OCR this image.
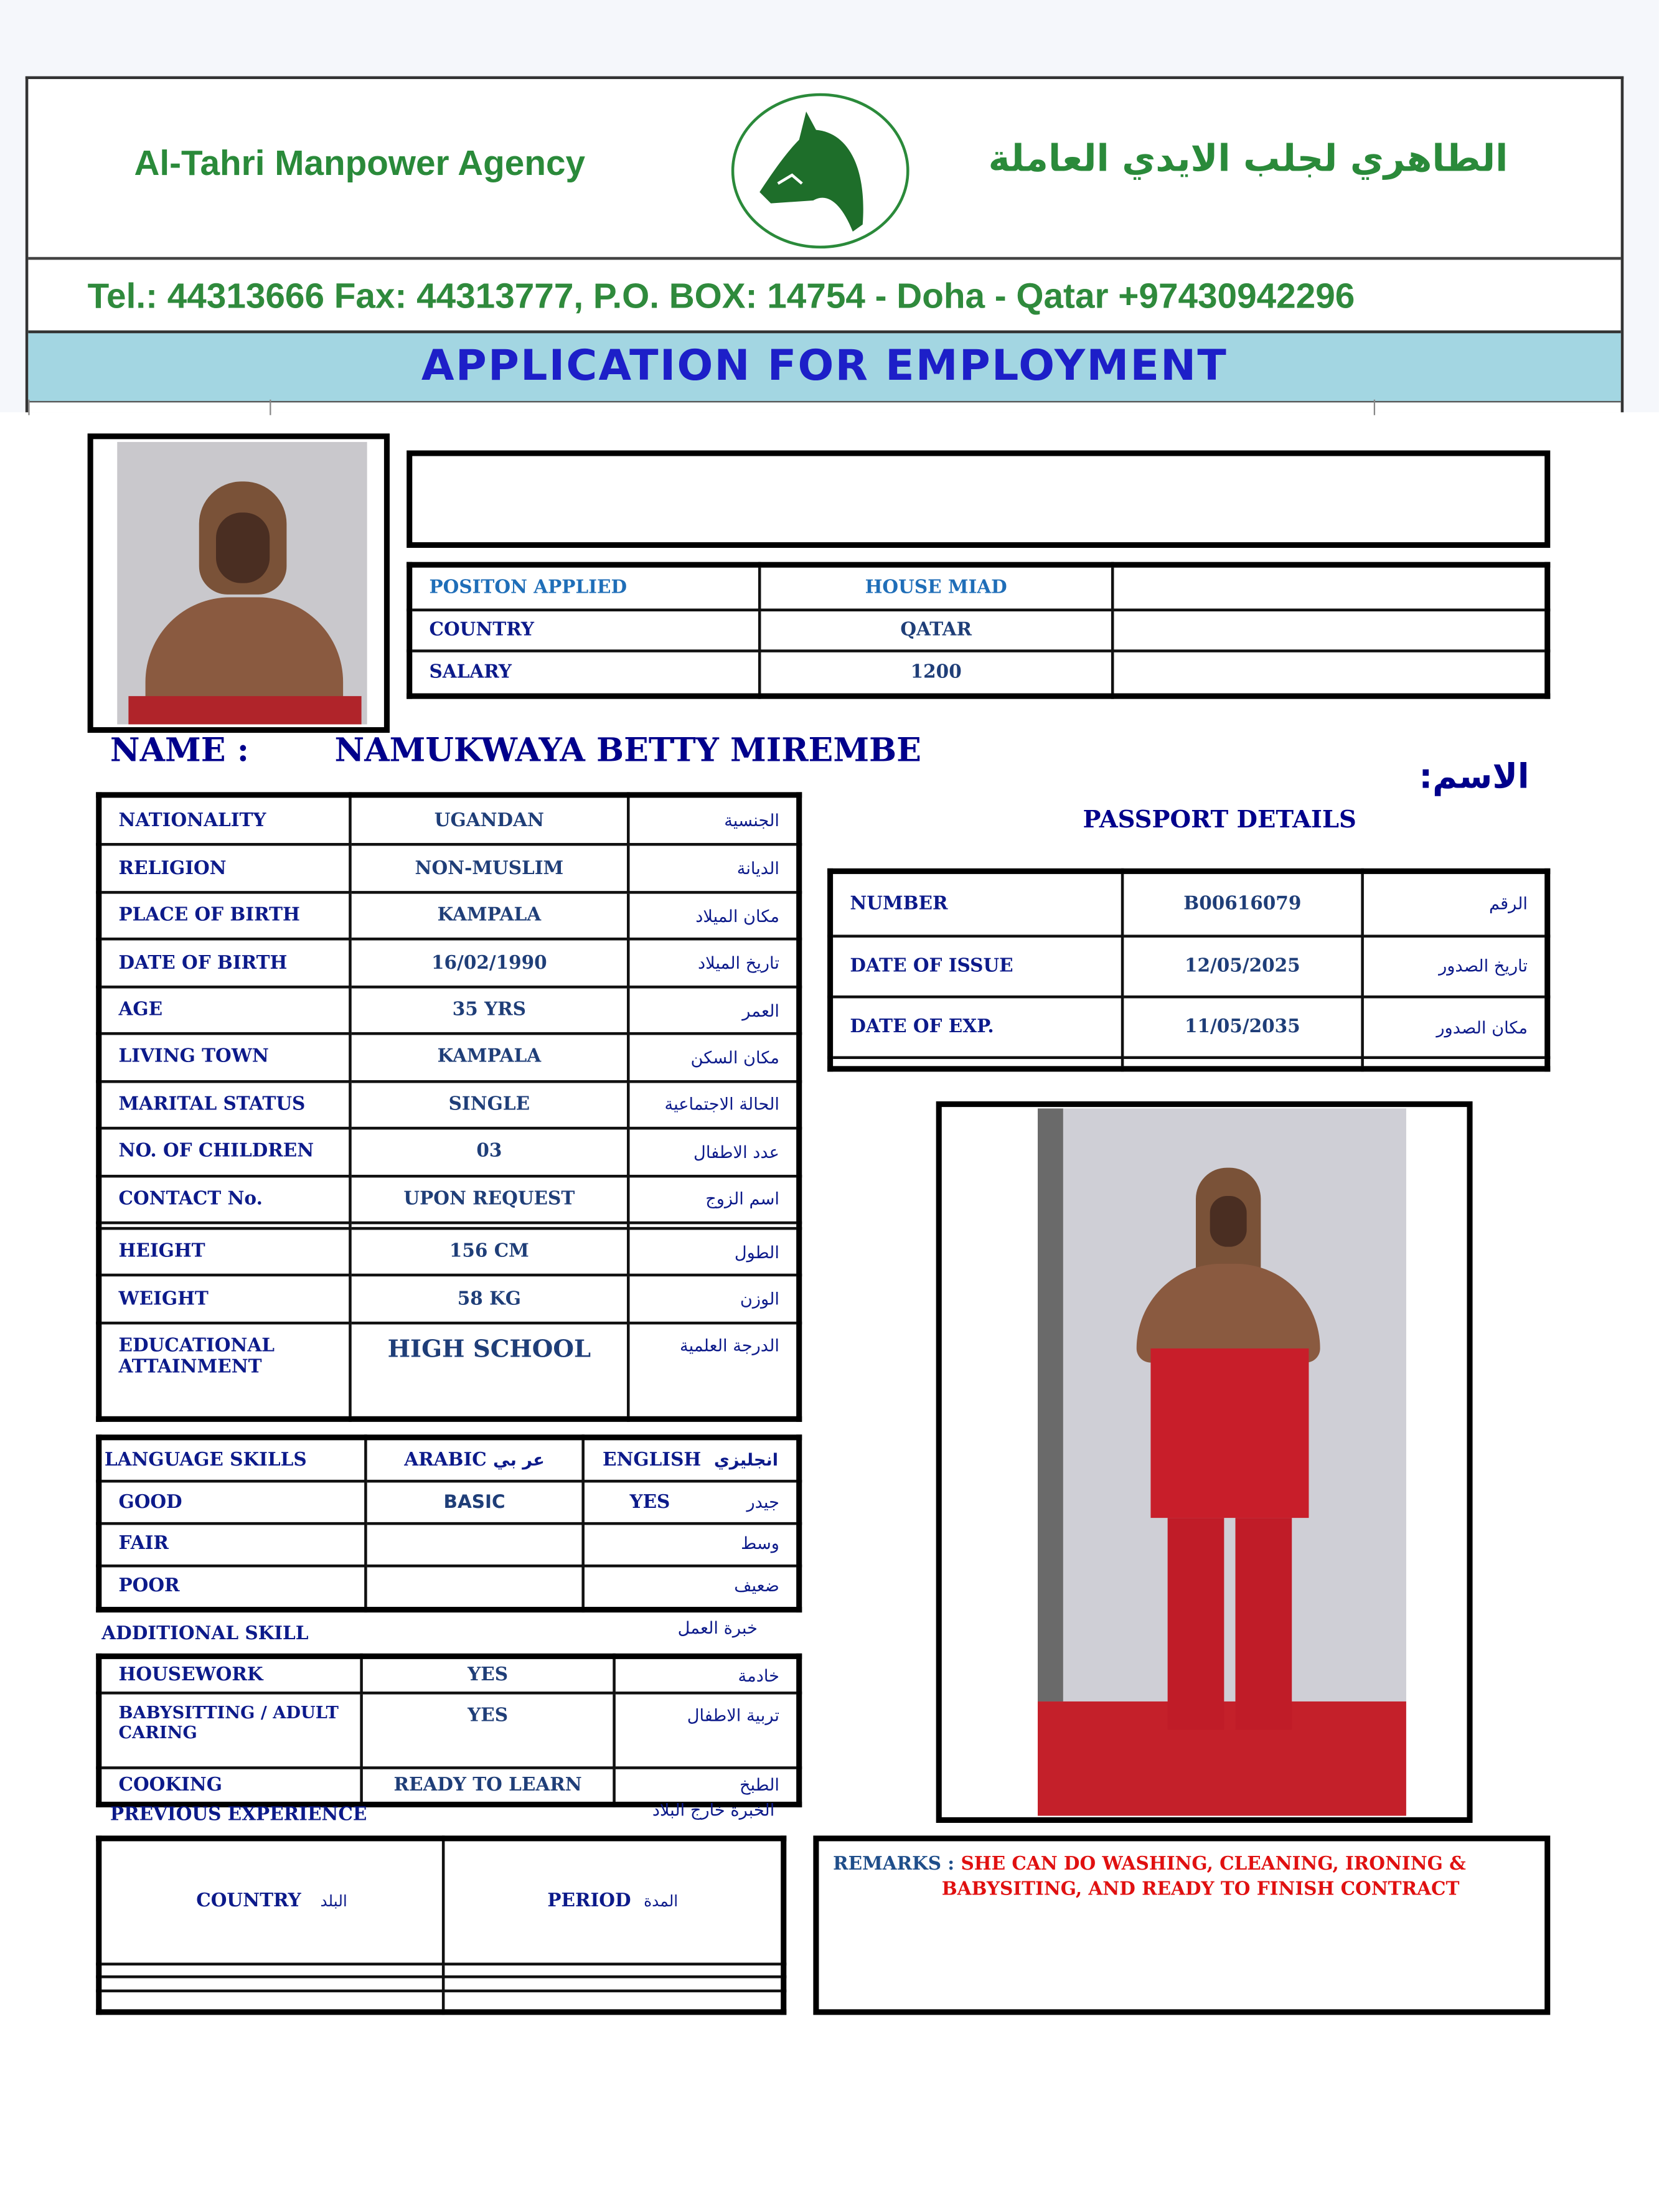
Al-Tahri Manpower Agency	الطاهري لجلب الايدي العاملة
Tel.: 44313666 Fax: 44313777, P.O. BOX: 14754 - Doha - Qatar +97430942296
APPLICATION FOR EMPLOYMENT
POSITON APPLIED	HOUSE MIAD	
COUNTRY	QATAR	
SALARY	1200	
NAME :	NAMUKWAYA BETTY MIREMBE
الاسم:
PASSPORT DETAILS
NATIONALITY	UGANDAN	الجنسية
RELIGION	NON-MUSLIM	الديانة
PLACE OF BIRTH	KAMPALA	مكان الميلاد
DATE OF BIRTH	16/02/1990	تاريخ الميلاد
AGE	35 YRS	العمر
LIVING TOWN	KAMPALA	مكان السكن
MARITAL STATUS	SINGLE	الحالة الاجتماعية
NO. OF CHILDREN	03	عدد الاطفال
CONTACT No.	UPON REQUEST	اسم الزوج

HEIGHT	156 CM	الطول
WEIGHT	58 KG	الوزن
EDUCATIONAL ATTAINMENT	HIGH SCHOOL	الدرجة العلمية
NUMBER	B00616079	الرقم
DATE OF ISSUE	12/05/2025	تاريخ الصدور
DATE OF EXP.	11/05/2035	مكان الصدور

LANGUAGE SKILLS	ARABIC عر بي	ENGLISH انجليزي
GOOD	BASIC	YES جيدر

FAIR		وسط

POOR		ضعيف
ADDITIONAL SKILL	خبرة العمل
HOUSEWORK	YES	خادمة
BABYSITTING / ADULT CARING	YES	تربية الاطفال
COOKING	READY TO LEARN	الطبخ
PREVIOUS EXPERIENCE	الخبرة خارج البلاد
COUNTRY البلد	PERIOD المدة

REMARKS : SHE CAN DO WASHING, CLEANING, IRONING &
BABYSITING, AND READY TO FINISH CONTRACT
